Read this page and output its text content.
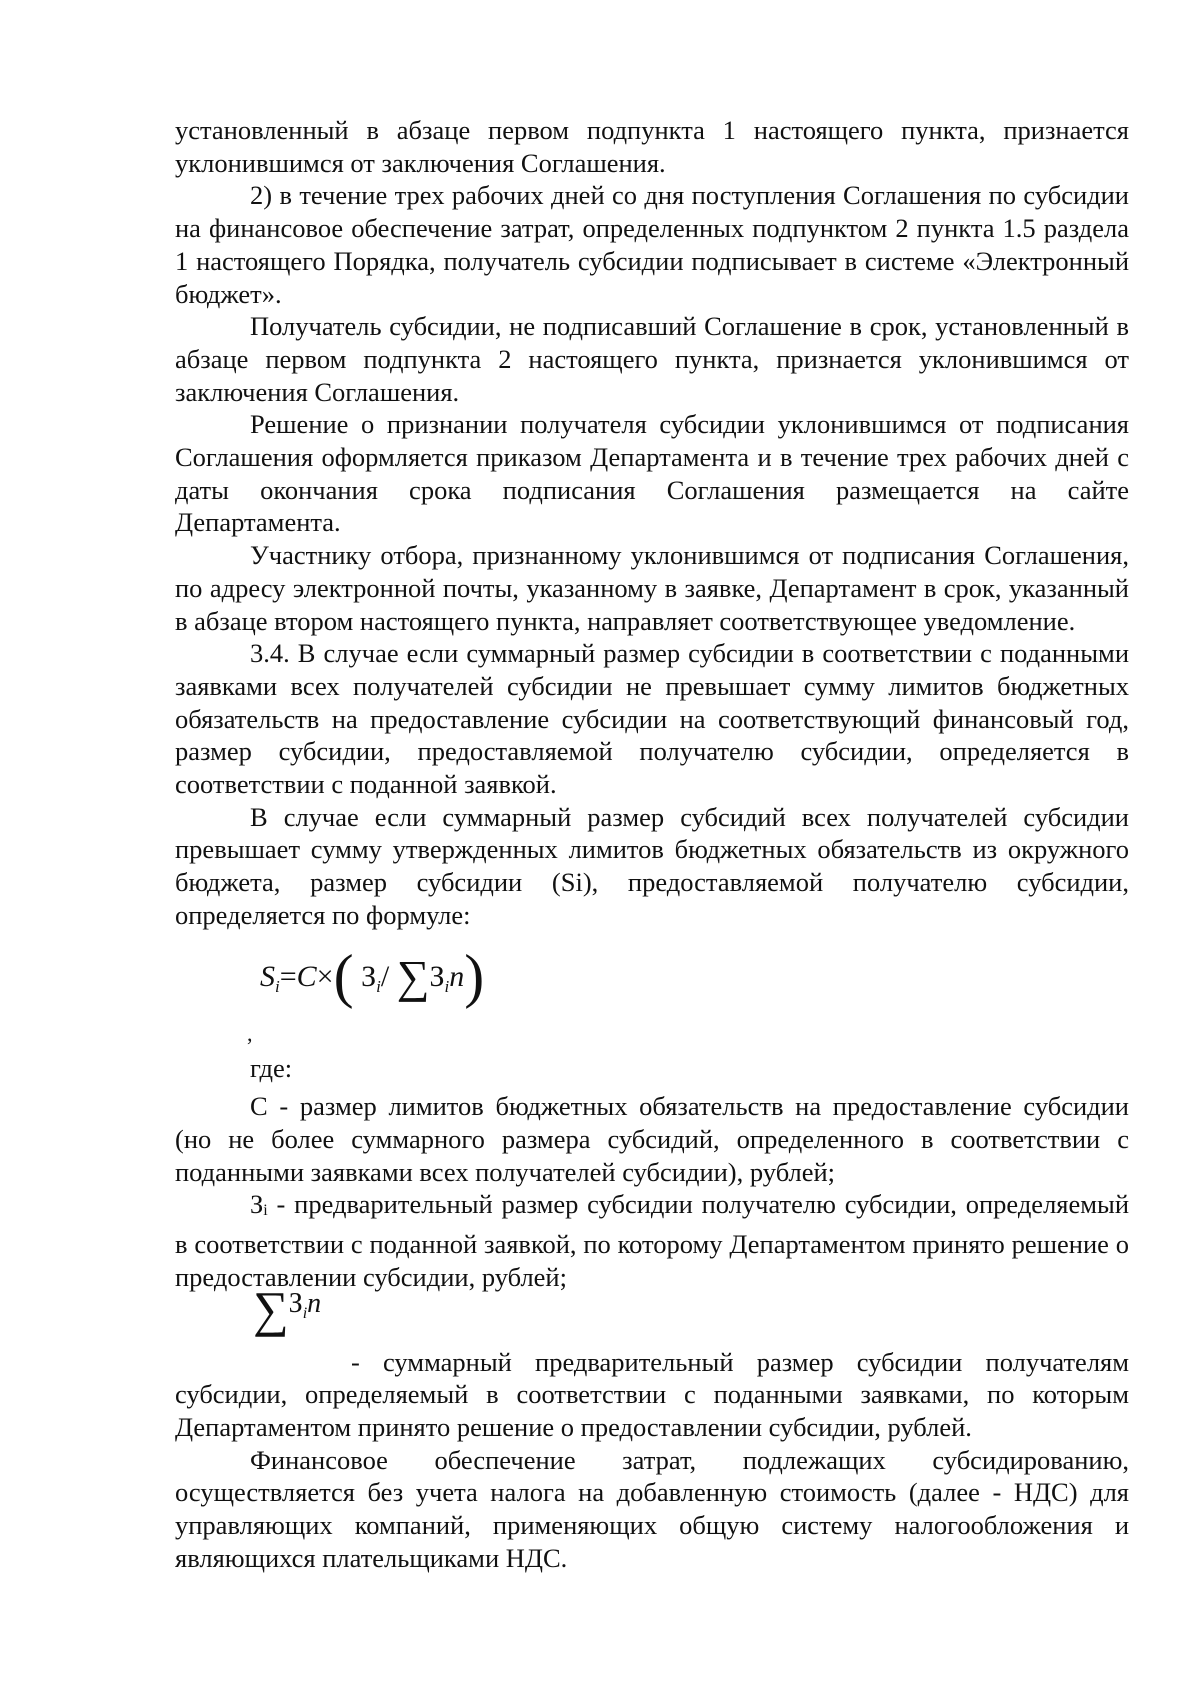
установленный в абзаце первом подпункта 1 настоящего пункта, признается уклонившимся от заключения Соглашения.

2) в течение трех рабочих дней со дня поступления Соглашения по субсидии на финансовое обеспечение затрат, определенных подпунктом 2 пункта 1.5 раздела 1 настоящего Порядка, получатель субсидии подписывает в системе «Электронный бюджет».

Получатель субсидии, не подписавший Соглашение в срок, установленный в абзаце первом подпункта 2 настоящего пункта, признается уклонившимся от заключения Соглашения.

Решение о признании получателя субсидии уклонившимся от подписания Соглашения оформляется приказом Департамента и в течение трех рабочих дней с даты окончания срока подписания Соглашения размещается на сайте Департамента.

Участнику отбора, признанному уклонившимся от подписания Соглашения, по адресу электронной почты, указанному в заявке, Департамент в срок, указанный в абзаце втором настоящего пункта, направляет соответствующее уведомление.

3.4. В случае если суммарный размер субсидии в соответствии с поданными заявками всех получателей субсидии не превышает сумму лимитов бюджетных обязательств на предоставление субсидии на соответствующий финансовый год, размер субсидии, предоставляемой получателю субсидии, определяется в соответствии с поданной заявкой.

В случае если суммарный размер субсидий всех получателей субсидии превышает сумму утвержденных лимитов бюджетных обязательств из окружного бюджета, размер субсидии (Si), предоставляемой получателю субсидии, определяется по формуле:

$S_i=C\times$( $З_i/$ $\sum З_in$)
,

где:

С - размер лимитов бюджетных обязательств на предоставление субсидии (но не более суммарного размера субсидий, определенного в соответствии с поданными заявками всех получателей субсидии), рублей;

Зi - предварительный размер субсидии получателю субсидии, определяемый в соответствии с поданной заявкой, по которому Департаментом принято решение о предоставлении субсидии, рублей;

$\sum^Зi^n$

- суммарный предварительный размер субсидии получателям субсидии, определяемый в соответствии с поданными заявками, по которым Департаментом принято решение о предоставлении субсидии, рублей.

Финансовое обеспечение затрат, подлежащих субсидированию, осуществляется без учета налога на добавленную стоимость (далее - НДС) для управляющих компаний, применяющих общую систему налогообложения и являющихся плательщиками НДС.
